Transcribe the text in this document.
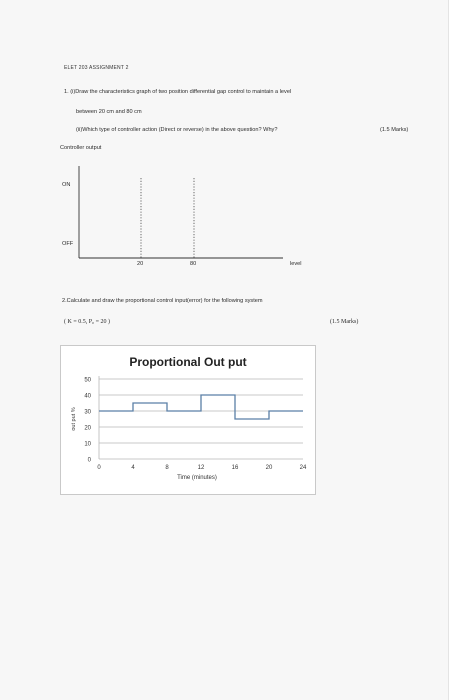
ELET 203 ASSIGNMENT 2
1. (i)Draw the characteristics graph of two position differential gap control to maintain a level
between 20 cm and 80 cm
(ii)Which type of controller action (Direct or reverse) in the above question? Why?	(1.5 Marks)
Controller output
ON
OFF
20	80	level
2.Calculate and draw the proportional control input(error) for the following system
( K = 0.5, P₀ = 20 )	(1.5 Marks)
Proportional Out put
0
10
20
30
40
50
0	4	8	12	16	20	24
Time (minutes)
out put %
